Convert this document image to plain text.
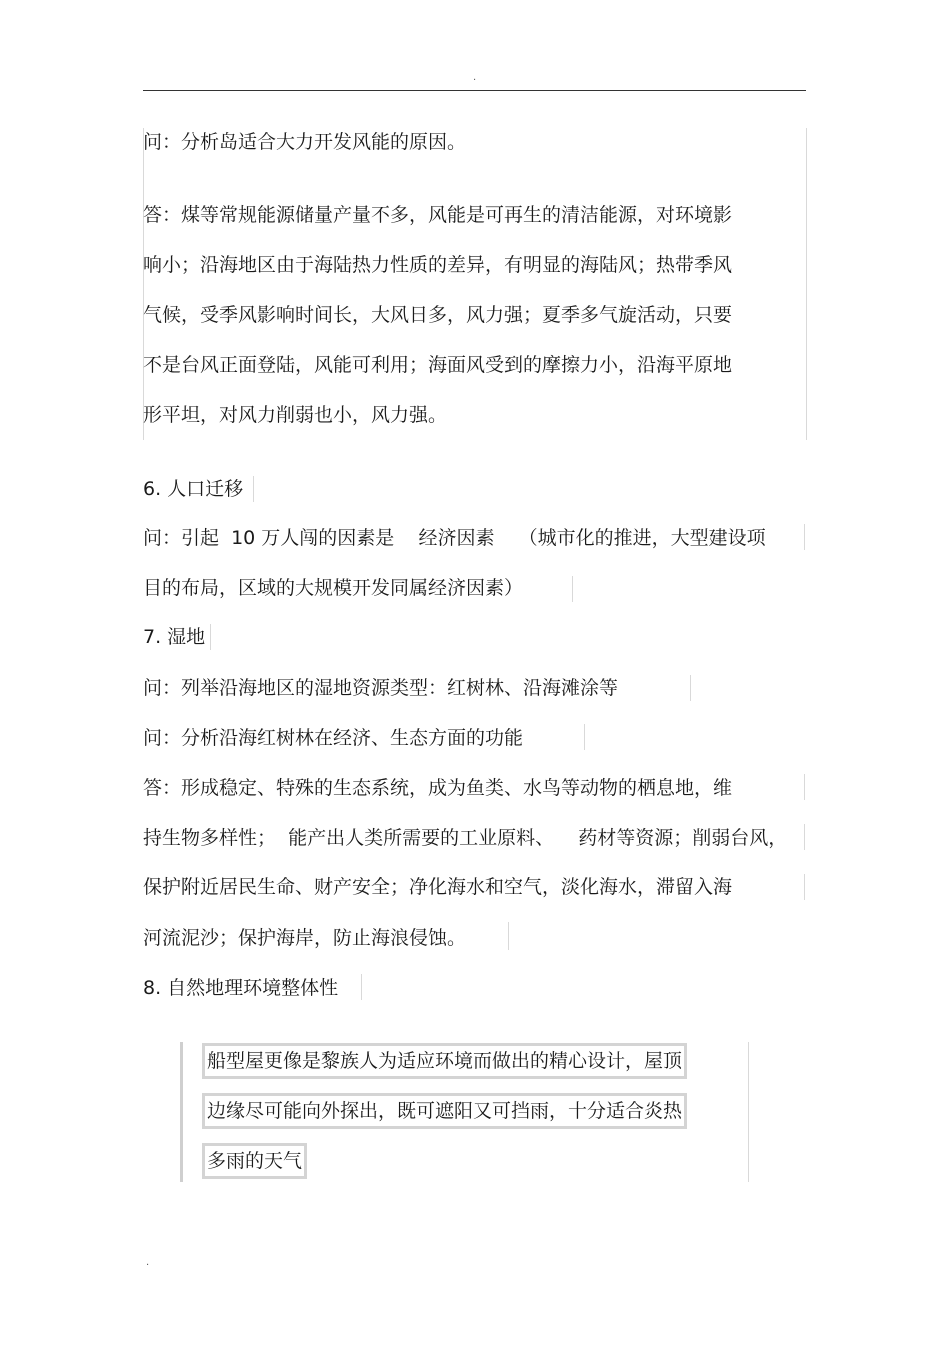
.
问：分析岛适合大力开发风能的原因。
答：煤等常规能源储量产量不多，风能是可再生的清洁能源，对环境影
响小；沿海地区由于海陆热力性质的差异，有明显的海陆风；热带季风
气候，受季风影响时间长，大风日多，风力强；夏季多气旋活动，只要
不是台风正面登陆，风能可利用；海面风受到的摩擦力小，沿海平原地
形平坦，对风力削弱也小，风力强。
6. 人口迁移
问：引起  10 万人闯的因素是    经济因素    （城市化的推进，大型建设项
目的布局，区域的大规模开发同属经济因素）
7. 湿地
问：列举沿海地区的湿地资源类型：红树林、沿海滩涂等
问：分析沿海红树林在经济、生态方面的功能
答：形成稳定、特殊的生态系统，成为鱼类、水鸟等动物的栖息地，维
持生物多样性；  能产出人类所需要的工业原料、    药材等资源；削弱台风，
保护附近居民生命、财产安全；净化海水和空气，淡化海水，滞留入海
河流泥沙；保护海岸，防止海浪侵蚀。
8. 自然地理环境整体性
船型屋更像是黎族人为适应环境而做出的精心设计，屋顶
边缘尽可能向外探出，既可遮阳又可挡雨，十分适合炎热
多雨的天气
.
